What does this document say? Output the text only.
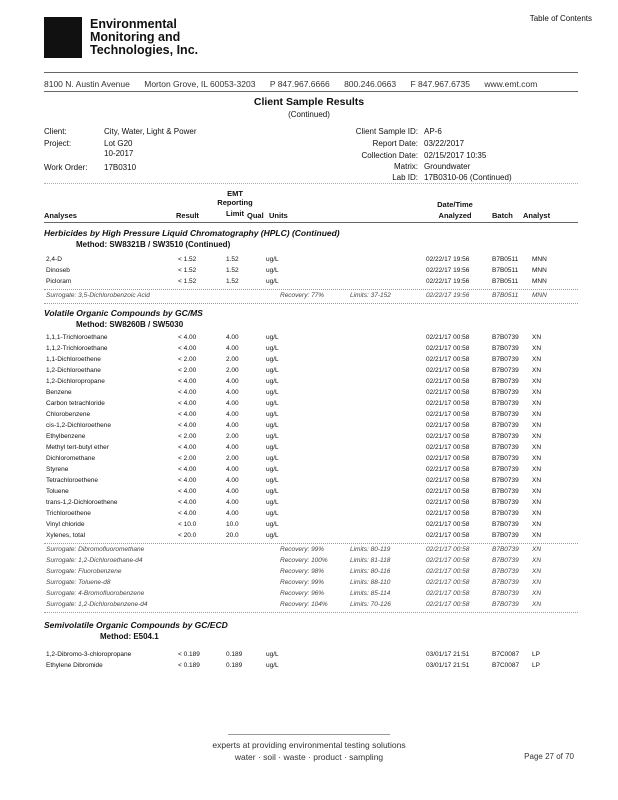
Table of Contents
Environmental
Monitoring and
Technologies, Inc.
8100 N. Austin Avenue Morton Grove, IL 60053-3203 P 847.967.6666 800.246.0663 F 847.967.6735 www.emt.com
Client Sample Results
(Continued)
Client:	City, Water, Light & Power
Project:	Lot G20
10-2017
Work Order: 17B0310
Client Sample ID: AP-6
Report Date: 03/22/2017
Collection Date: 02/15/2017 10:35
Matrix: Groundwater
Lab ID: 17B0310-06 (Continued)
Analyses	Result
EMT
Reporting
Limit Qual Units
Date/Time
Analyzed	Batch Analyst
Herbicides by High Pressure Liquid Chromatography (HPLC) (Continued)
Method: SW8321B / SW3510 (Continued)
2,4-D	< 1.52	1.52	ug/L	02/22/17 19:56	B7B0511 MNN
Dinoseb	< 1.52	1.52	ug/L	02/22/17 19:56	B7B0511 MNN
Picloram	< 1.52	1.52	ug/L	02/22/17 19:56	B7B0511 MNN
Surrogate: 3,5-Dichlorobenzoic Acid	Recovery: 77%	Limits: 37-152	02/22/17 19:56	B7B0511 MNN
Volatile Organic Compounds by GC/MS
Method: SW8260B / SW5030
1,1,1-Trichloroethane	< 4.00	4.00	ug/L	02/21/17 00:58	B7B0739 XN
1,1,2-Trichloroethane	< 4.00	4.00	ug/L	02/21/17 00:58	B7B0739 XN
1,1-Dichloroethene	< 2.00	2.00	ug/L	02/21/17 00:58	B7B0739 XN
1,2-Dichloroethane	< 2.00	2.00	ug/L	02/21/17 00:58	B7B0739 XN
1,2-Dichloropropane	< 4.00	4.00	ug/L	02/21/17 00:58	B7B0739 XN
Benzene	< 4.00	4.00	ug/L	02/21/17 00:58	B7B0739 XN
Carbon tetrachloride	< 4.00	4.00	ug/L	02/21/17 00:58	B7B0739 XN
Chlorobenzene	< 4.00	4.00	ug/L	02/21/17 00:58	B7B0739 XN
cis-1,2-Dichloroethene	< 4.00	4.00	ug/L	02/21/17 00:58	B7B0739 XN
Ethylbenzene	< 2.00	2.00	ug/L	02/21/17 00:58	B7B0739 XN
Methyl tert-butyl ether	< 4.00	4.00	ug/L	02/21/17 00:58	B7B0739 XN
Dichloromethane	< 2.00	2.00	ug/L	02/21/17 00:58	B7B0739 XN
Styrene	< 4.00	4.00	ug/L	02/21/17 00:58	B7B0739 XN
Tetrachloroethene	< 4.00	4.00	ug/L	02/21/17 00:58	B7B0739 XN
Toluene	< 4.00	4.00	ug/L	02/21/17 00:58	B7B0739 XN
trans-1,2-Dichloroethene	< 4.00	4.00	ug/L	02/21/17 00:58	B7B0739 XN
Trichloroethene	< 4.00	4.00	ug/L	02/21/17 00:58	B7B0739 XN
Vinyl chloride	< 10.0	10.0	ug/L	02/21/17 00:58	B7B0739 XN
Xylenes, total	< 20.0	20.0	ug/L	02/21/17 00:58	B7B0739 XN
Surrogate: Dibromofluoromethane	Recovery: 99%	Limits: 80-119	02/21/17 00:58	B7B0739 XN
Surrogate: 1,2-Dichloroethane-d4	Recovery: 100%	Limits: 81-118	02/21/17 00:58	B7B0739 XN
Surrogate: Fluorobenzene	Recovery: 98%	Limits: 80-116	02/21/17 00:58	B7B0739 XN
Surrogate: Toluene-d8	Recovery: 99%	Limits: 88-110	02/21/17 00:58	B7B0739 XN
Surrogate: 4-Bromofluorobenzene	Recovery: 96%	Limits: 85-114	02/21/17 00:58	B7B0739 XN
Surrogate: 1,2-Dichlorobenzene-d4	Recovery: 104%	Limits: 70-126	02/21/17 00:58	B7B0739 XN
Semivolatile Organic Compounds by GC/ECD
Method: E504.1
1,2-Dibromo-3-chloropropane	< 0.189	0.189	ug/L	03/01/17 21:51	B7C0087 LP
Ethylene Dibromide	< 0.189	0.189	ug/L	03/01/17 21:51	B7C0087 LP
experts at providing environmental testing solutions
water · soil · waste · product · sampling	Page 27 of 70
